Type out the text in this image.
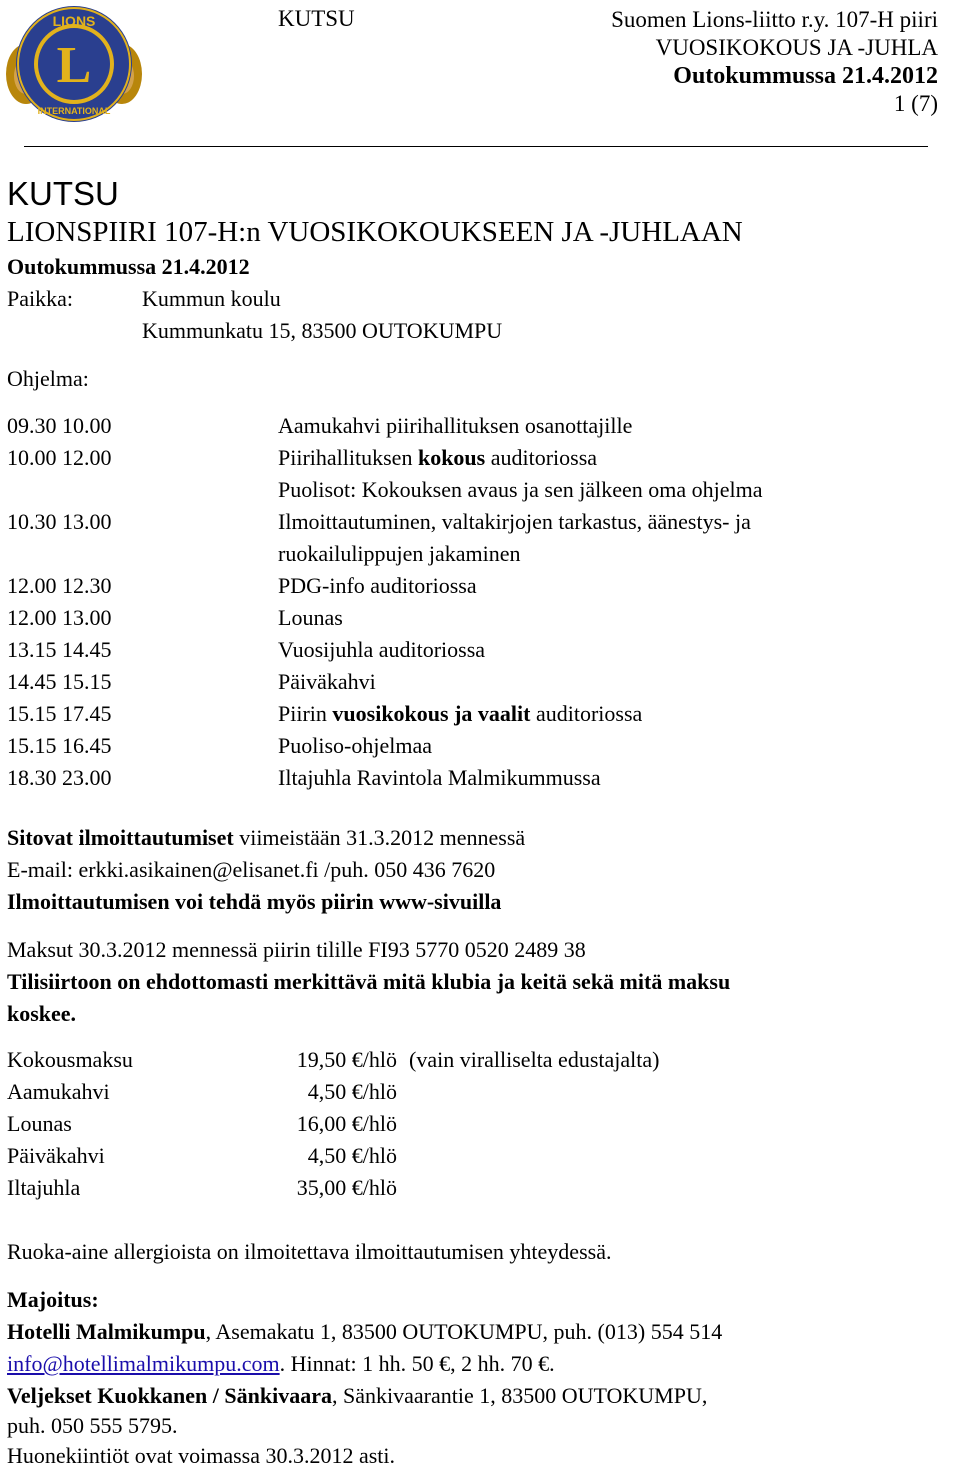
LIONS
INTERNATIONAL
L
KUTSU	Suomen Lions-liitto r.y. 107-H piiri
VUOSIKOKOUS JA -JUHLA
Outokummussa 21.4.2012
1 (7)
KUTSU
LIONSPIIRI 107-H:n VUOSIKOKOUKSEEN JA -JUHLAAN
Outokummussa 21.4.2012
Paikka:	Kummun koulu
Kummunkatu 15, 83500 OUTOKUMPU
Ohjelma:
09.30 10.00	Aamukahvi piirihallituksen osanottajille
10.00 12.00	Piirihallituksen kokous auditoriossa
Puolisot: Kokouksen avaus ja sen jälkeen oma ohjelma
10.30 13.00	Ilmoittautuminen, valtakirjojen tarkastus, äänestys- ja
ruokailulippujen jakaminen
12.00 12.30	PDG-info auditoriossa
12.00 13.00	Lounas
13.15 14.45	Vuosijuhla auditoriossa
14.45 15.15	Päiväkahvi
15.15 17.45	Piirin vuosikokous ja vaalit auditoriossa
15.15 16.45	Puoliso-ohjelmaa
18.30 23.00	Iltajuhla Ravintola Malmikummussa
Sitovat ilmoittautumiset viimeistään 31.3.2012 mennessä
E-mail: erkki.asikainen@elisanet.fi /puh. 050 436 7620
Ilmoittautumisen voi tehdä myös piirin www-sivuilla
Maksut 30.3.2012 mennessä piirin tilille FI93 5770 0520 2489 38
Tilisiirtoon on ehdottomasti merkittävä mitä klubia ja keitä sekä mitä maksu
koskee.
Kokousmaksu	19,50 €/hlö (vain viralliselta edustajalta)
Aamukahvi	4,50 €/hlö
Lounas	16,00 €/hlö
Päiväkahvi	4,50 €/hlö
Iltajuhla	35,00 €/hlö
Ruoka-aine allergioista on ilmoitettava ilmoittautumisen yhteydessä.
Majoitus:
Hotelli Malmikumpu, Asemakatu 1, 83500 OUTOKUMPU, puh. (013) 554 514
info@hotellimalmikumpu.com. Hinnat: 1 hh. 50 €, 2 hh. 70 €.
Veljekset Kuokkanen / Sänkivaara, Sänkivaarantie 1, 83500 OUTOKUMPU,
puh. 050 555 5795.
Huonekiintiöt ovat voimassa 30.3.2012 asti.
